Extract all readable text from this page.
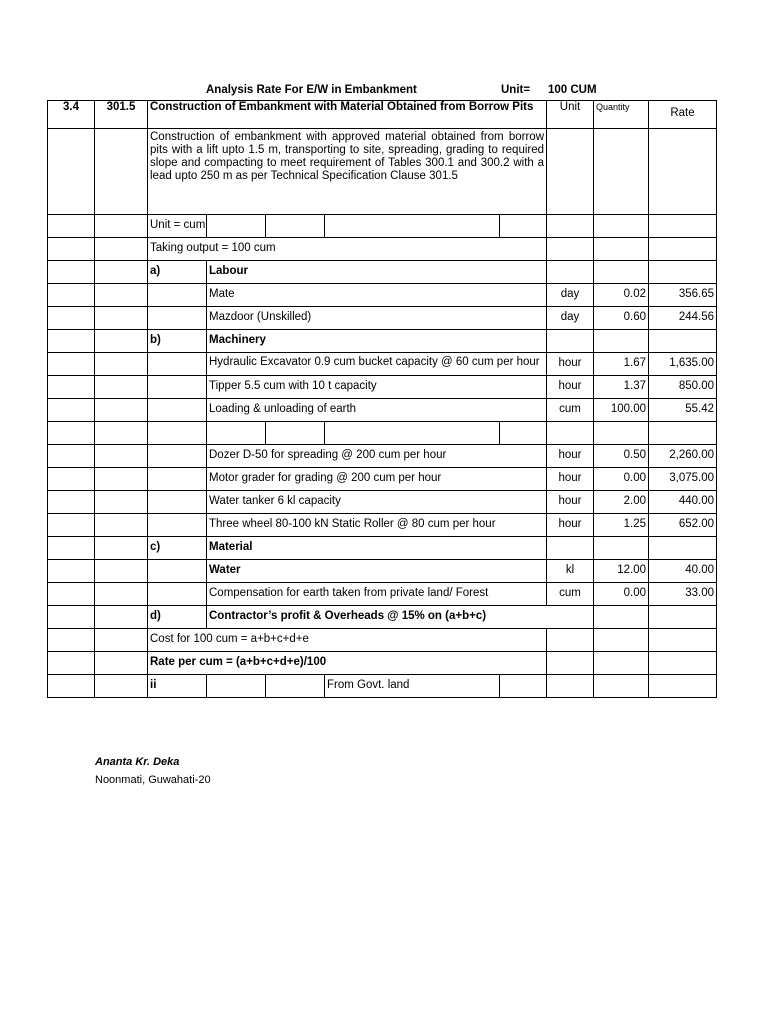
Analysis Rate For E/W in Embankment	Unit= 100 CUM
3.4	301.5	Construction of Embankment with Material Obtained from Borrow Pits					Unit	Quantity	Rate	
		Construction of embankment with approved material obtained from borrow pits with a lift upto 1.5 m, transporting to site, spreading, grading to required slope and compacting to meet requirement of Tables 300.1 and 300.2 with a lead upto 250 m as per Technical Specification Clause 301.5								
		Unit = cum								
		Taking output = 100 cum								
		a)	Labour							
			Mate				day	0.02	356.65	
			Mazdoor (Unskilled)				day	0.60	244.56	
		b)	Machinery				
			Hydraulic Excavator 0.9 cum bucket capacity @ 60 cum per hour				hour	1.67	1,635.00	
			Tipper 5.5 cum with 10 t capacity				hour	1.37	850.00	
			Loading & unloading of earth				cum	100.00	55.42	

			Dozer D-50 for spreading @ 200 cum per hour				hour	0.50	2,260.00	
			Motor grader for grading @ 200 cum per hour				hour	0.00	3,075.00	
			Water tanker 6 kl capacity				hour	2.00	440.00	
			Three wheel 80-100 kN Static Roller @ 80 cum per hour				hour	1.25	652.00	
		c)	Material							
			Water				kl	12.00	40.00	
			Compensation for earth taken from private land/ Forest				cum	0.00	33.00	
		d)	Contractor’s profit & Overheads @ 15% on (a+b+c)			
		Cost for 100 cum = a+b+c+d+e				
		Rate per cum = (a+b+c+d+e)/100				
		ii			From Govt. land					
Ananta Kr. Deka
Noonmati, Guwahati-20
